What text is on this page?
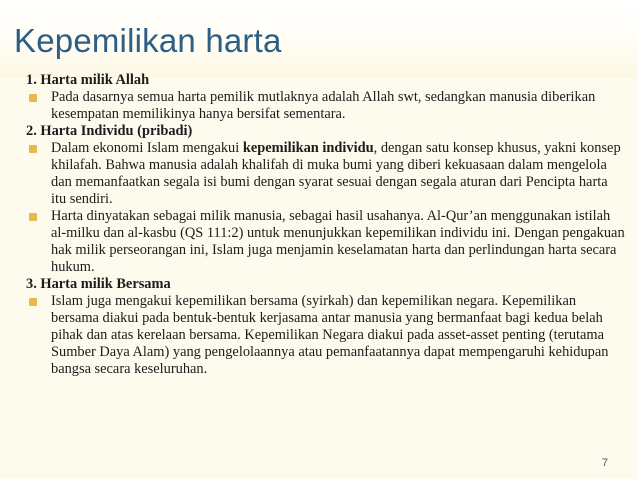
Kepemilikan harta

1. Harta milik Allah

Pada dasarnya semua harta pemilik mutlaknya adalah Allah swt, sedangkan manusia diberikan kesempatan memilikinya hanya bersifat sementara.

2. Harta Individu (pribadi)

Dalam ekonomi Islam mengakui kepemilikan individu, dengan satu konsep khusus, yakni konsep khilafah. Bahwa manusia adalah khalifah di muka bumi yang diberi kekuasaan dalam mengelola dan memanfaatkan segala isi bumi dengan syarat sesuai dengan segala aturan dari Pencipta harta itu sendiri.

Harta dinyatakan sebagai milik manusia, sebagai hasil usahanya. Al-Qur’an menggunakan istilah al-milku dan al-kasbu (QS 111:2) untuk menunjukkan kepemilikan individu ini. Dengan pengakuan hak milik perseorangan ini, Islam juga menjamin keselamatan harta dan perlindungan harta secara hukum.

3. Harta milik Bersama

Islam juga mengakui kepemilikan bersama (syirkah) dan kepemilikan negara. Kepemilikan bersama diakui pada bentuk-bentuk kerjasama antar manusia yang bermanfaat bagi kedua belah pihak dan atas kerelaan bersama. Kepemilikan Negara diakui pada asset-asset penting (terutama Sumber Daya Alam) yang pengelolaannya atau pemanfaatannya dapat mempengaruhi kehidupan bangsa secara keseluruhan.

7
